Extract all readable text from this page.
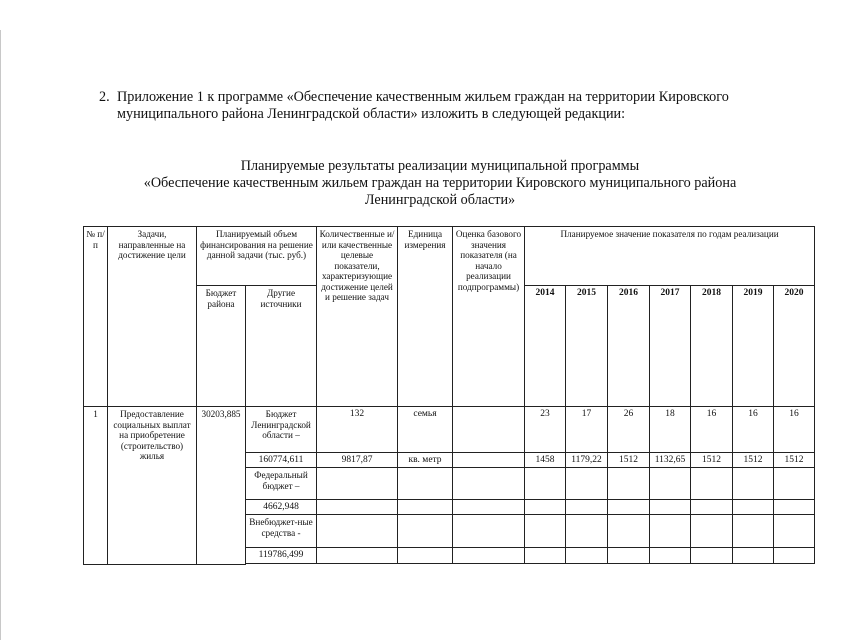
2. Приложение 1 к программе «Обеспечение качественным жильем граждан на территории Кировского муниципального района Ленинградской области» изложить в следующей редакции:
Планируемые результаты реализации муниципальной программы
«Обеспечение качественным жильем граждан на территории Кировского муниципального района
Ленинградской области»
№ п/п	Задачи, направленные на достижение цели	Планируемый объем финансирования на решение данной задачи (тыс. руб.)		Количественные и/ или качественные целевые показатели, характеризующие достижение целей и решение задач	Единица измерения	Оценка базового значения показателя (на начало реализации подпрограммы)	Планируемое значение показателя по годам реализации						
		Бюджет района	Другие источники				2014	2015	2016	2017	2018	2019	2020
1	Предоставление социальных выплат на приобретение (строительство) жилья	30203,885	Бюджет Ленинградской области –	132	семья		23	17	26	18	16	16	16
			160774,611	9817,87	кв. метр		1458	1179,22	1512	1132,65	1512	1512	1512
			Федеральный бюджет –										
			4662,948										
			Внебюджет-ные средства -										
			119786,499										
